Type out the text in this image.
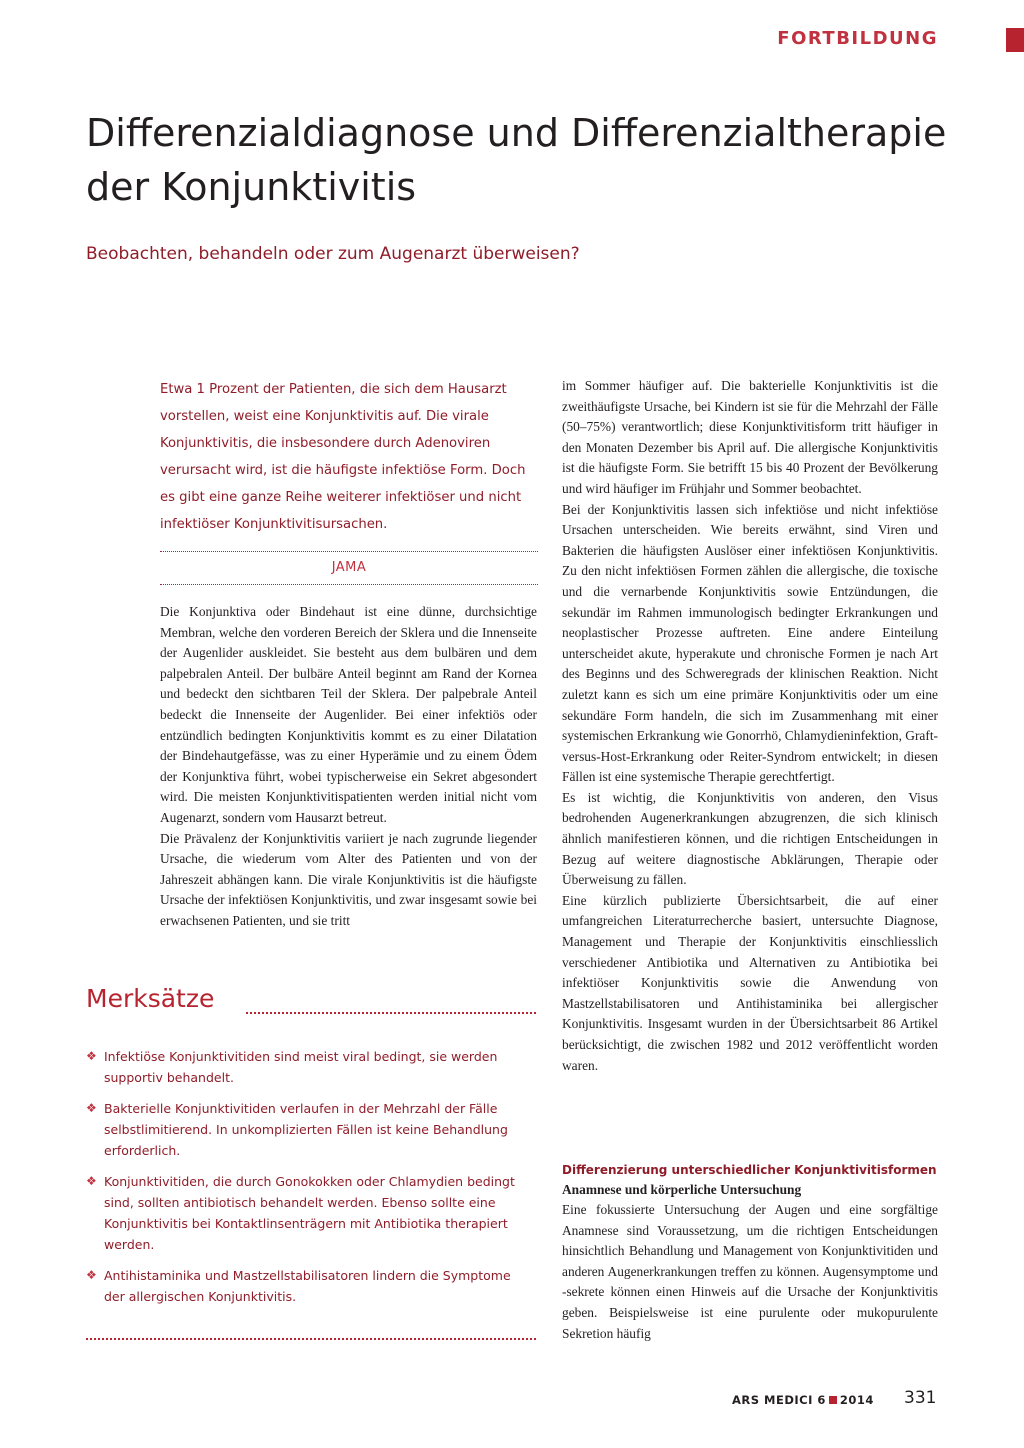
FORTBILDUNG
Differenzialdiagnose und Differenzialtherapie der Konjunktivitis
Beobachten, behandeln oder zum Augenarzt überweisen?

Etwa 1 Prozent der Patienten, die sich dem Hausarzt vorstellen, weist eine Konjunktivitis auf. Die virale Konjunktivitis, die insbesondere durch Adenoviren verursacht wird, ist die häufigste infektiöse Form. Doch es gibt eine ganze Reihe weiterer infektiöser und nicht infektiöser Konjunktivitisursachen.

JAMA

Die Konjunktiva oder Bindehaut ist eine dünne, durchsichtige Membran, welche den vorderen Bereich der Sklera und die Innenseite der Augenlider auskleidet. Sie besteht aus dem bulbären und dem palpebralen Anteil. Der bulbäre Anteil beginnt am Rand der Kornea und bedeckt den sichtbaren Teil der Sklera. Der palpebrale Anteil bedeckt die Innenseite der Augenlider. Bei einer infektiös oder entzündlich bedingten Konjunktivitis kommt es zu einer Dilatation der Bindehautgefässe, was zu einer Hyperämie und zu einem Ödem der Konjunktiva führt, wobei typischerweise ein Sekret abgesondert wird. Die meisten Konjunktivitispatienten werden initial nicht vom Augenarzt, sondern vom Hausarzt betreut.

Die Prävalenz der Konjunktivitis variiert je nach zugrunde liegender Ursache, die wiederum vom Alter des Patienten und von der Jahreszeit abhängen kann. Die virale Konjunktivitis ist die häufigste Ursache der infektiösen Konjunktivitis, und zwar insgesamt sowie bei erwachsenen Patienten, und sie tritt

im Sommer häufiger auf. Die bakterielle Konjunktivitis ist die zweithäufigste Ursache, bei Kindern ist sie für die Mehrzahl der Fälle (50–75%) verantwortlich; diese Konjunktivitisform tritt häufiger in den Monaten Dezember bis April auf. Die allergische Konjunktivitis ist die häufigste Form. Sie betrifft 15 bis 40 Prozent der Bevölkerung und wird häufiger im Frühjahr und Sommer beobachtet.

Bei der Konjunktivitis lassen sich infektiöse und nicht infektiöse Ursachen unterscheiden. Wie bereits erwähnt, sind Viren und Bakterien die häufigsten Auslöser einer infektiösen Konjunktivitis. Zu den nicht infektiösen Formen zählen die allergische, die toxische und die vernarbende Konjunktivitis sowie Entzündungen, die sekundär im Rahmen immunologisch bedingter Erkrankungen und neoplastischer Prozesse auftreten. Eine andere Einteilung unterscheidet akute, hyperakute und chronische Formen je nach Art des Beginns und des Schweregrads der klinischen Reaktion. Nicht zuletzt kann es sich um eine primäre Konjunktivitis oder um eine sekundäre Form handeln, die sich im Zusammenhang mit einer systemischen Erkrankung wie Gonorrhö, Chlamydieninfektion, Graft-versus-Host-Erkrankung oder Reiter-Syndrom entwickelt; in diesen Fällen ist eine systemische Therapie gerechtfertigt.

Es ist wichtig, die Konjunktivitis von anderen, den Visus bedrohenden Augenerkrankungen abzugrenzen, die sich klinisch ähnlich manifestieren können, und die richtigen Entscheidungen in Bezug auf weitere diagnostische Abklärungen, Therapie oder Überweisung zu fällen.

Eine kürzlich publizierte Übersichtsarbeit, die auf einer umfangreichen Literaturrecherche basiert, untersuchte Diagnose, Management und Therapie der Konjunktivitis einschliesslich verschiedener Antibiotika und Alternativen zu Antibiotika bei infektiöser Konjunktivitis sowie die Anwendung von Mastzellstabilisatoren und Antihistaminika bei allergischer Konjunktivitis. Insgesamt wurden in der Übersichtsarbeit 86 Artikel berücksichtigt, die zwischen 1982 und 2012 veröffentlicht worden waren.

Differenzierung unterschiedlicher Konjunktivitisformen
Anamnese und körperliche Untersuchung

Eine fokussierte Untersuchung der Augen und eine sorgfältige Anamnese sind Voraussetzung, um die richtigen Entscheidungen hinsichtlich Behandlung und Management von Konjunktivitiden und anderen Augenerkrankungen treffen zu können. Augensymptome und -sekrete können einen Hinweis auf die Ursache der Konjunktivitis geben. Beispielsweise ist eine purulente oder mukopurulente Sekretion häufig

Merksätze
❖ Infektiöse Konjunktivitiden sind meist viral bedingt, sie werden supportiv behandelt.
❖ Bakterielle Konjunktivitiden verlaufen in der Mehrzahl der Fälle selbstlimitierend. In unkomplizierten Fällen ist keine Behandlung erforderlich.
❖ Konjunktivitiden, die durch Gonokokken oder Chlamydien bedingt sind, sollten antibiotisch behandelt werden. Ebenso sollte eine Konjunktivitis bei Kontaktlinsenträgern mit Antibiotika therapiert werden.
❖ Antihistaminika und Mastzellstabilisatoren lindern die Symptome der allergischen Konjunktivitis.
ARS MEDICI 6 2014 331
